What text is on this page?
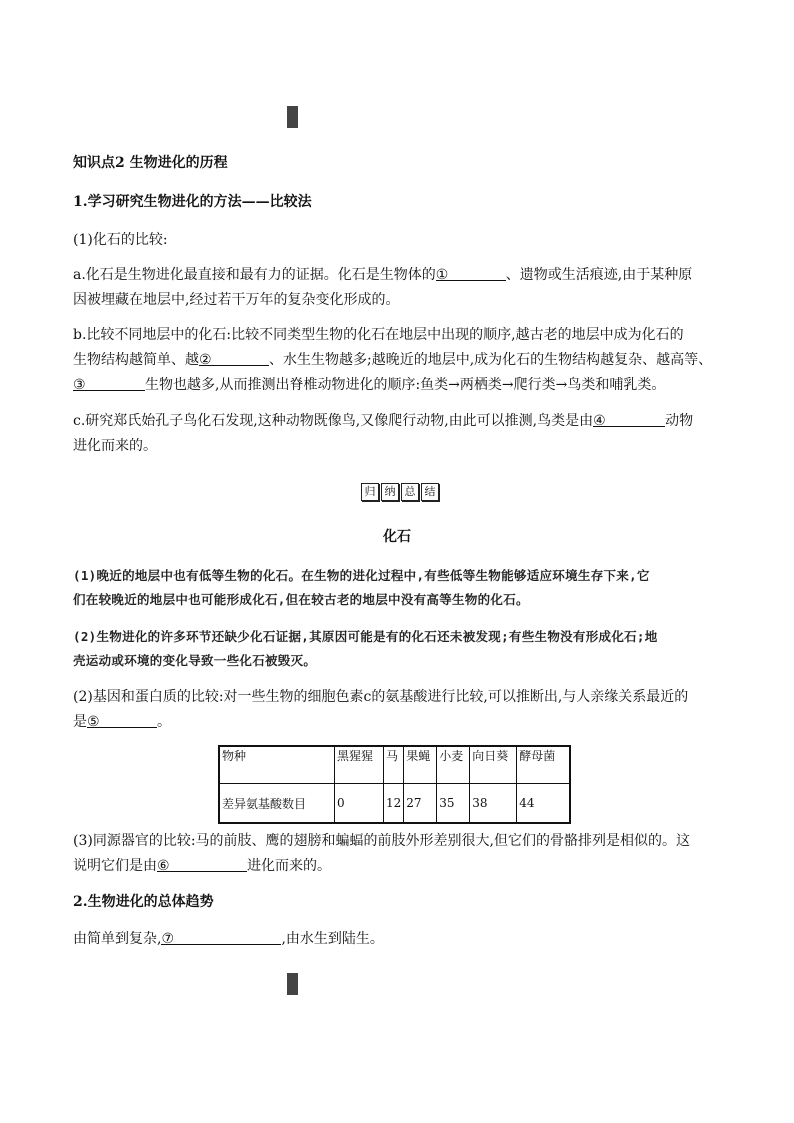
知识点2 生物进化的历程
1.学习研究生物进化的方法——比较法
(1)化石的比较:
a.化石是生物进化最直接和最有力的证据。化石是生物体的①	、遗物或生活痕迹,由于某种原
因被埋藏在地层中,经过若干万年的复杂变化形成的。
b.比较不同地层中的化石:比较不同类型生物的化石在地层中出现的顺序,越古老的地层中成为化石的
生物结构越简单、越②	、水生生物越多;越晚近的地层中,成为化石的生物结构越复杂、越高等、
③	生物也越多,从而推测出脊椎动物进化的顺序:鱼类→两栖类→爬行类→鸟类和哺乳类。
c.研究郑氏始孔子鸟化石发现,这种动物既像鸟,又像爬行动物,由此可以推测,鸟类是由④	动物
进化而来的。
归 纳 总 结
化石
(1)晚近的地层中也有低等生物的化石。在生物的进化过程中,有些低等生物能够适应环境生存下来,它
们在较晚近的地层中也可能形成化石,但在较古老的地层中没有高等生物的化石。
(2)生物进化的许多环节还缺少化石证据,其原因可能是有的化石还未被发现;有些生物没有形成化石;地
壳运动或环境的变化导致一些化石被毁灭。
(2)基因和蛋白质的比较:对一些生物的细胞色素c的氨基酸进行比较,可以推断出,与人亲缘关系最近的
是⑤	。
物种	黑猩猩	马	果蝇	小麦	向日葵	酵母菌
差异氨基酸数目	0	12	27	35	38	44
(3)同源器官的比较:马的前肢、鹰的翅膀和蝙蝠的前肢外形差别很大,但它们的骨骼排列是相似的。这
说明它们是由⑥	进化而来的。
2.生物进化的总体趋势
由简单到复杂,⑦	,由水生到陆生。
